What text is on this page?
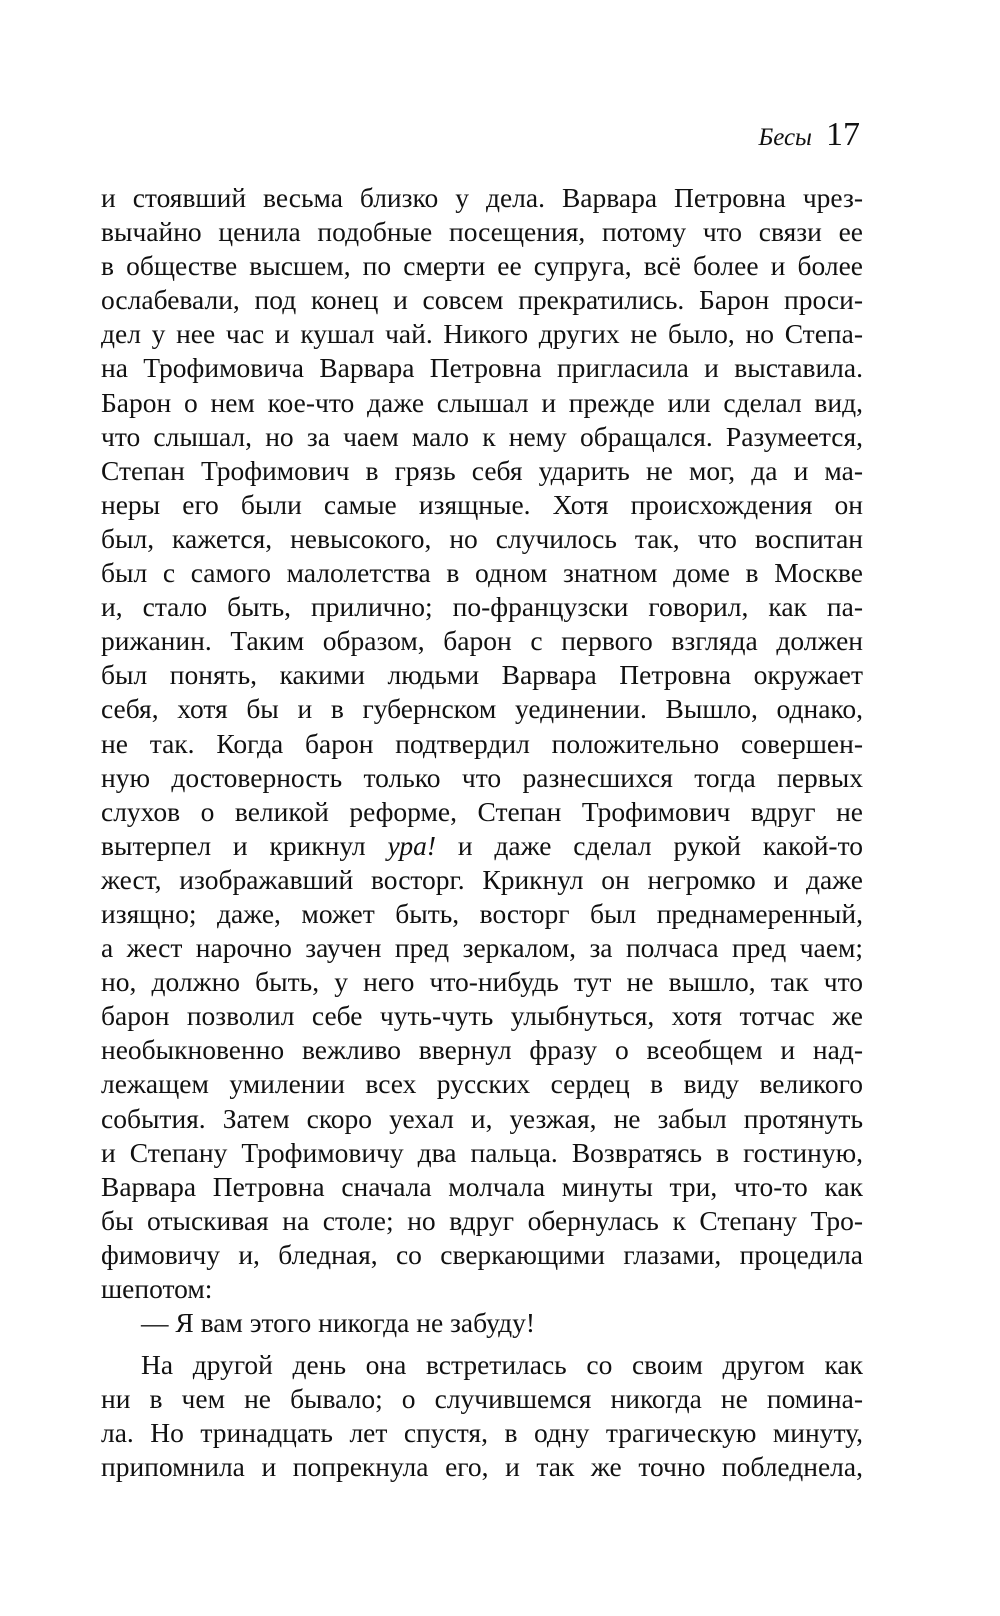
Бесы 17
и стоявший весьма близко у дела. Варвара Петровна чрез-
вычайно ценила подобные посещения, потому что связи ее
в обществе высшем, по смерти ее супруга, всё более и более
ослабевали, под конец и совсем прекратились. Барон проси-
дел у нее час и кушал чай. Никого других не было, но Степа-
на Трофимовича Варвара Петровна пригласила и выставила.
Барон о нем кое-что даже слышал и прежде или сделал вид,
что слышал, но за чаем мало к нему обращался. Разумеется,
Степан Трофимович в грязь себя ударить не мог, да и ма-
неры его были самые изящные. Хотя происхождения он
был, кажется, невысокого, но случилось так, что воспитан
был с самого малолетства в одном знатном доме в Москве
и, стало быть, прилично; по-французски говорил, как па-
рижанин. Таким образом, барон с первого взгляда должен
был понять, какими людьми Варвара Петровна окружает
себя, хотя бы и в губернском уединении. Вышло, однако,
не так. Когда барон подтвердил положительно совершен-
ную достоверность только что разнесшихся тогда первых
слухов о великой реформе, Степан Трофимович вдруг не
вытерпел и крикнул ура! и даже сделал рукой какой-то
жест, изображавший восторг. Крикнул он негромко и даже
изящно; даже, может быть, восторг был преднамеренный,
а жест нарочно заучен пред зеркалом, за полчаса пред чаем;
но, должно быть, у него что-нибудь тут не вышло, так что
барон позволил себе чуть-чуть улыбнуться, хотя тотчас же
необыкновенно вежливо ввернул фразу о всеобщем и над-
лежащем умилении всех русских сердец в виду великого
события. Затем скоро уехал и, уезжая, не забыл протянуть
и Степану Трофимовичу два пальца. Возвратясь в гостиную,
Варвара Петровна сначала молчала минуты три, что-то как
бы отыскивая на столе; но вдруг обернулась к Степану Тро-
фимовичу и, бледная, со сверкающими глазами, процедила
шепотом:
— Я вам этого никогда не забуду!
На другой день она встретилась со своим другом как
ни в чем не бывало; о случившемся никогда не помина-
ла. Но тринадцать лет спустя, в одну трагическую минуту,
припомнила и попрекнула его, и так же точно побледнела,
